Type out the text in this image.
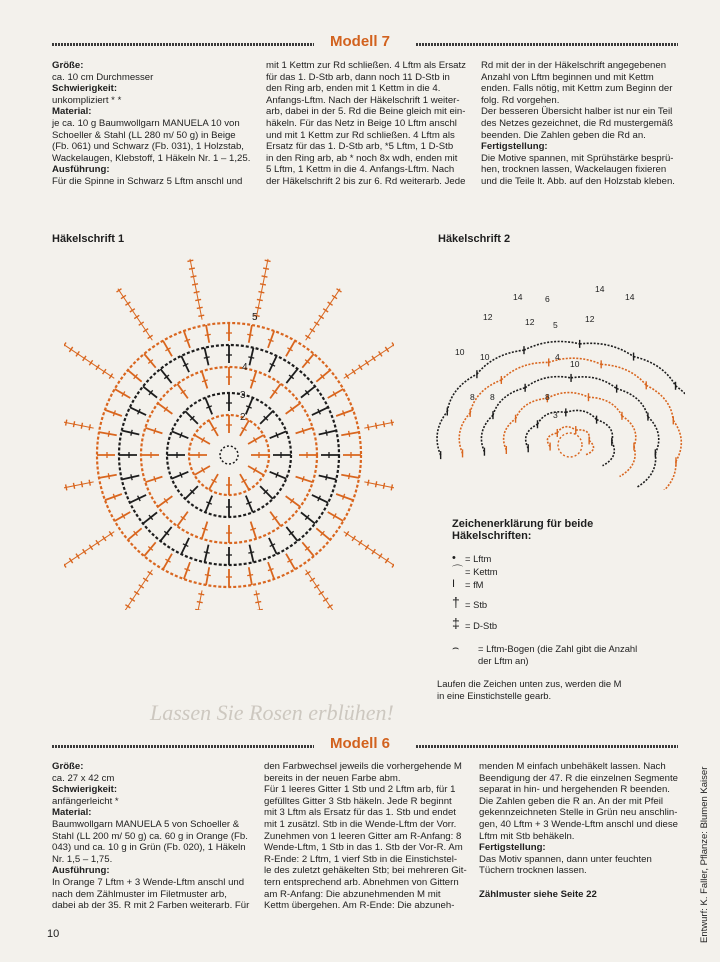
Modell 7
Größe:
ca. 10 cm Durchmesser
Schwierigkeit:
unkompliziert * *
Material:
je ca. 10 g Baumwollgarn MANUELA 10 von
Schoeller & Stahl (LL 280 m/ 50 g) in Beige
(Fb. 061) und Schwarz (Fb. 031), 1 Holzstab,
Wackelaugen, Klebstoff, 1 Häkeln Nr. 1 – 1,25.
Ausführung:
Für die Spinne in Schwarz 5 Lftm anschl und
mit 1 Kettm zur Rd schließen. 4 Lftm als Ersatz
für das 1. D-Stb arb, dann noch 11 D-Stb in
den Ring arb, enden mit 1 Kettm in die 4.
Anfangs-Lftm. Nach der Häkelschrift 1 weiter-
arb, dabei in der 5. Rd die Beine gleich mit ein-
häkeln. Für das Netz in Beige 10 Lftm anschl
und mit 1 Kettm zur Rd schließen. 4 Lftm als
Ersatz für das 1. D-Stb arb, *5 Lftm, 1 D-Stb
in den Ring arb, ab * noch 8x wdh, enden mit
5 Lftm, 1 Kettm in die 4. Anfangs-Lftm. Nach
der Häkelschrift 2 bis zur 6. Rd weiterarb. Jede
Rd mit der in der Häkelschrift angegebenen
Anzahl von Lftm beginnen und mit Kettm
enden. Falls nötig, mit Kettm zum Beginn der
folg. Rd vorgehen.
Der besseren Übersicht halber ist nur ein Teil
des Netzes gezeichnet, die Rd mustergemäß
beenden. Die Zahlen geben die Rd an.
Fertigstellung:
Die Motive spannen, mit Sprühstärke besprü-
hen, trocknen lassen, Wackelaugen fixieren
und die Teile lt. Abb. auf den Holzstab kleben.
Häkelschrift 1
5
4
3
2
Häkelschrift 2
14
14
14
6
12	12	12
5
10 10	4
10
8 8	8
3
Zeichenerklärung für beide
Häkelschriften:
• = Lftm
⌒ = Kettm
I = fM
† = Stb
‡ = D-Stb
⌢ = Lftm-Bogen (die Zahl gibt die Anzahl
der Lftm an)
Laufen die Zeichen unten zus, werden die M
in eine Einstichstelle gearb.
Lassen Sie Rosen erblühen!
Modell 6
Größe:
ca. 27 x 42 cm
Schwierigkeit:
anfängerleicht *
Material:
Baumwollgarn MANUELA 5 von Schoeller &
Stahl (LL 200 m/ 50 g) ca. 60 g in Orange (Fb.
043) und ca. 10 g in Grün (Fb. 020), 1 Häkeln
Nr. 1,5 – 1,75.
Ausführung:
In Orange 7 Lftm + 3 Wende-Lftm anschl und
nach dem Zählmuster im Filetmuster arb,
dabei ab der 35. R mit 2 Farben weiterarb. Für
den Farbwechsel jeweils die vorhergehende M
bereits in der neuen Farbe abm.
Für 1 leeres Gitter 1 Stb und 2 Lftm arb, für 1
gefülltes Gitter 3 Stb häkeln. Jede R beginnt
mit 3 Lftm als Ersatz für das 1. Stb und endet
mit 1 zusätzl. Stb in die Wende-Lftm der Vorr.
Zunehmen von 1 leeren Gitter am R-Anfang: 8
Wende-Lftm, 1 Stb in das 1. Stb der Vor-R. Am
R-Ende: 2 Lftm, 1 vierf Stb in die Einstichstel-
le des zuletzt gehäkelten Stb; bei mehreren Git-
tern entsprechend arb. Abnehmen von Gittern
am R-Anfang: Die abzunehmenden M mit
Kettm übergehen. Am R-Ende: Die abzuneh-
menden M einfach unbehäkelt lassen. Nach
Beendigung der 47. R die einzelnen Segmente
separat in hin- und hergehenden R beenden.
Die Zahlen geben die R an. An der mit Pfeil
gekennzeichneten Stelle in Grün neu anschlin-
gen, 40 Lftm + 3 Wende-Lftm anschl und diese
Lftm mit Stb behäkeln.
Fertigstellung:
Das Motiv spannen, dann unter feuchten
Tüchern trocknen lassen.

Zählmuster siehe Seite 22
10	Entwurf: K. Faller, Pflanze: Blumen Kaiser
